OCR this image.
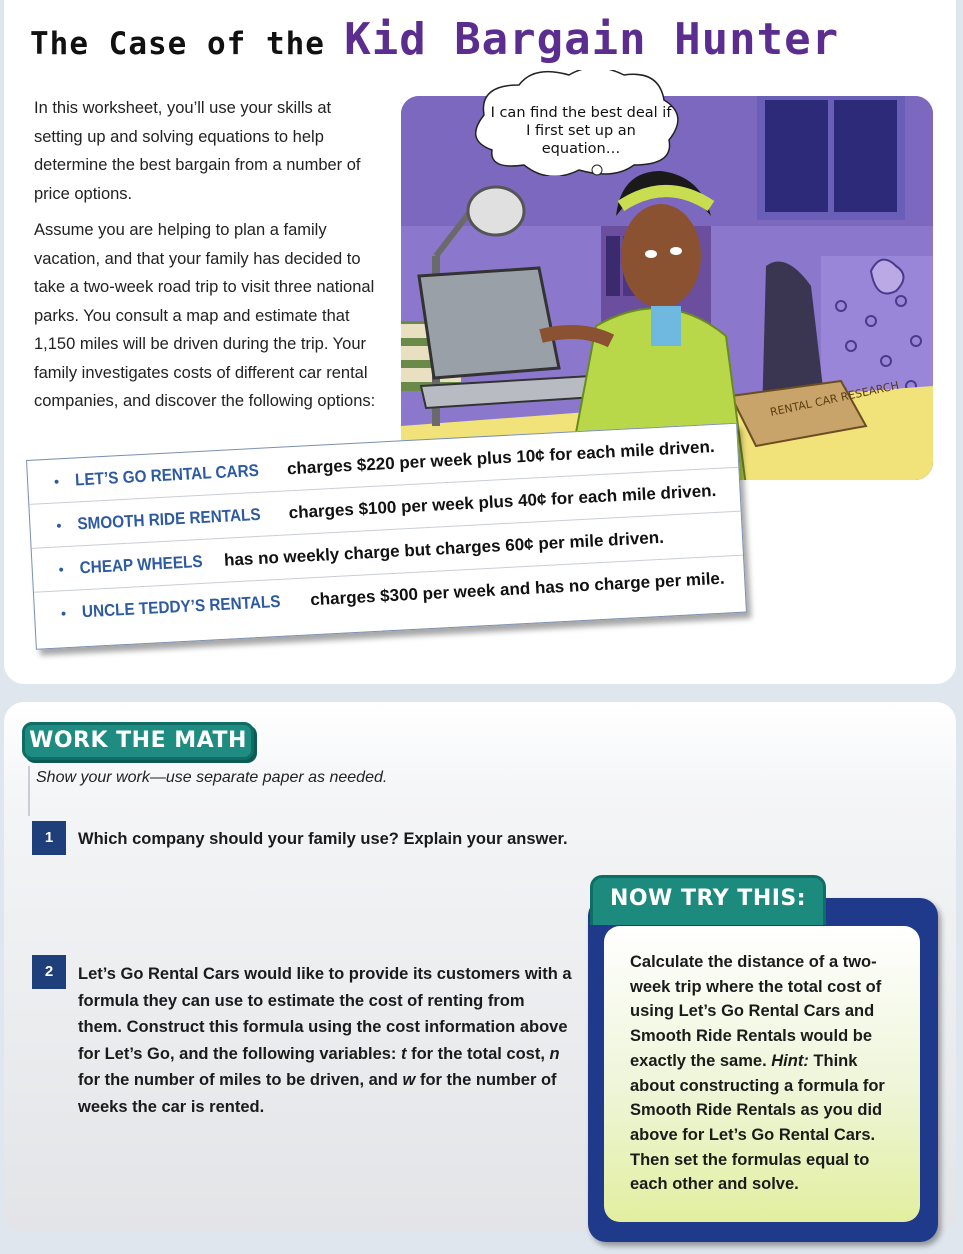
The Case of the Kid Bargain Hunter

In this worksheet, you’ll use your skills at setting up and solving equations to help determine the best bargain from a number of price options.

Assume you are helping to plan a family vacation, and that your family has decided to take a two-week road trip to visit three national parks. You consult a map and estimate that 1,150 miles will be driven during the trip. Your family investigates costs of different car rental companies, and discover the following options:	RENTAL CAR RESEARCH
I can find the best deal if I first set up an equation…
• LET’S GO RENTAL CARS charges $220 per week plus 10¢ for each mile driven.
• SMOOTH RIDE RENTALS charges $100 per week plus 40¢ for each mile driven.
• CHEAP WHEELS has no weekly charge but charges 60¢ per mile driven.
• UNCLE TEDDY’S RENTALS charges $300 per week and has no charge per mile.
WORK THE MATH
Show your work—use separate paper as needed.
1	Which company should your family use? Explain your answer.
2	Let’s Go Rental Cars would like to provide its customers with a formula they can use to estimate the cost of renting from them. Construct this formula using the cost information above for Let’s Go, and the following variables: t for the total cost, n for the number of miles to be driven, and w for the number of weeks the car is rented.
NOW TRY THIS:
Calculate the distance of a two-week trip where the total cost of using Let’s Go Rental Cars and Smooth Ride Rentals would be exactly the same. Hint: Think about constructing a formula for Smooth Ride Rentals as you did above for Let’s Go Rental Cars. Then set the formulas equal to each other and solve.
